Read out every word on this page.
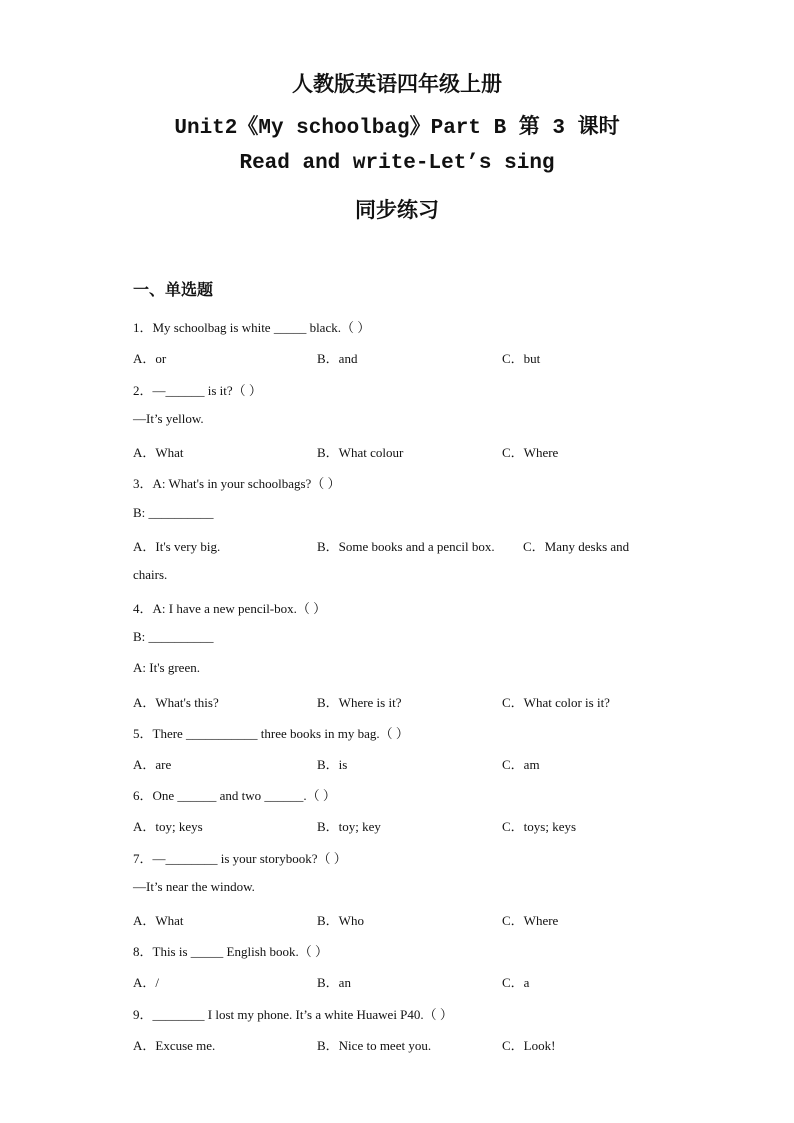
人教版英语四年级上册
Unit2《My schoolbag》Part B 第 3 课时
Read and write-Let’s sing
同步练习
一、单选题
1．My schoolbag is white _____ black.（ ）
A．or	B．and	C．but
2．—______ is it?（ ）
—It’s yellow.
A．What	B．What colour	C．Where
3．A: What's in your schoolbags?（ ）
B: __________
A．It's very big.	B．Some books and a pencil box. C．Many desks and
chairs.
4．A: I have a new pencil-box.（ ）
B: __________
A: It's green.
A．What's this?	B．Where is it?	C．What color is it?
5．There ___________ three books in my bag.（ ）
A．are	B．is	C．am
6．One ______ and two ______.（ ）
A．toy; keys	B．toy; key	C．toys; keys
7．—________ is your storybook?（ ）
—It’s near the window.
A．What	B．Who	C．Where
8．This is _____ English book.（ ）
A．/	B．an	C．a
9．________ I lost my phone. It’s a white Huawei P40.（ ）
A．Excuse me.	B．Nice to meet you.	C．Look!
